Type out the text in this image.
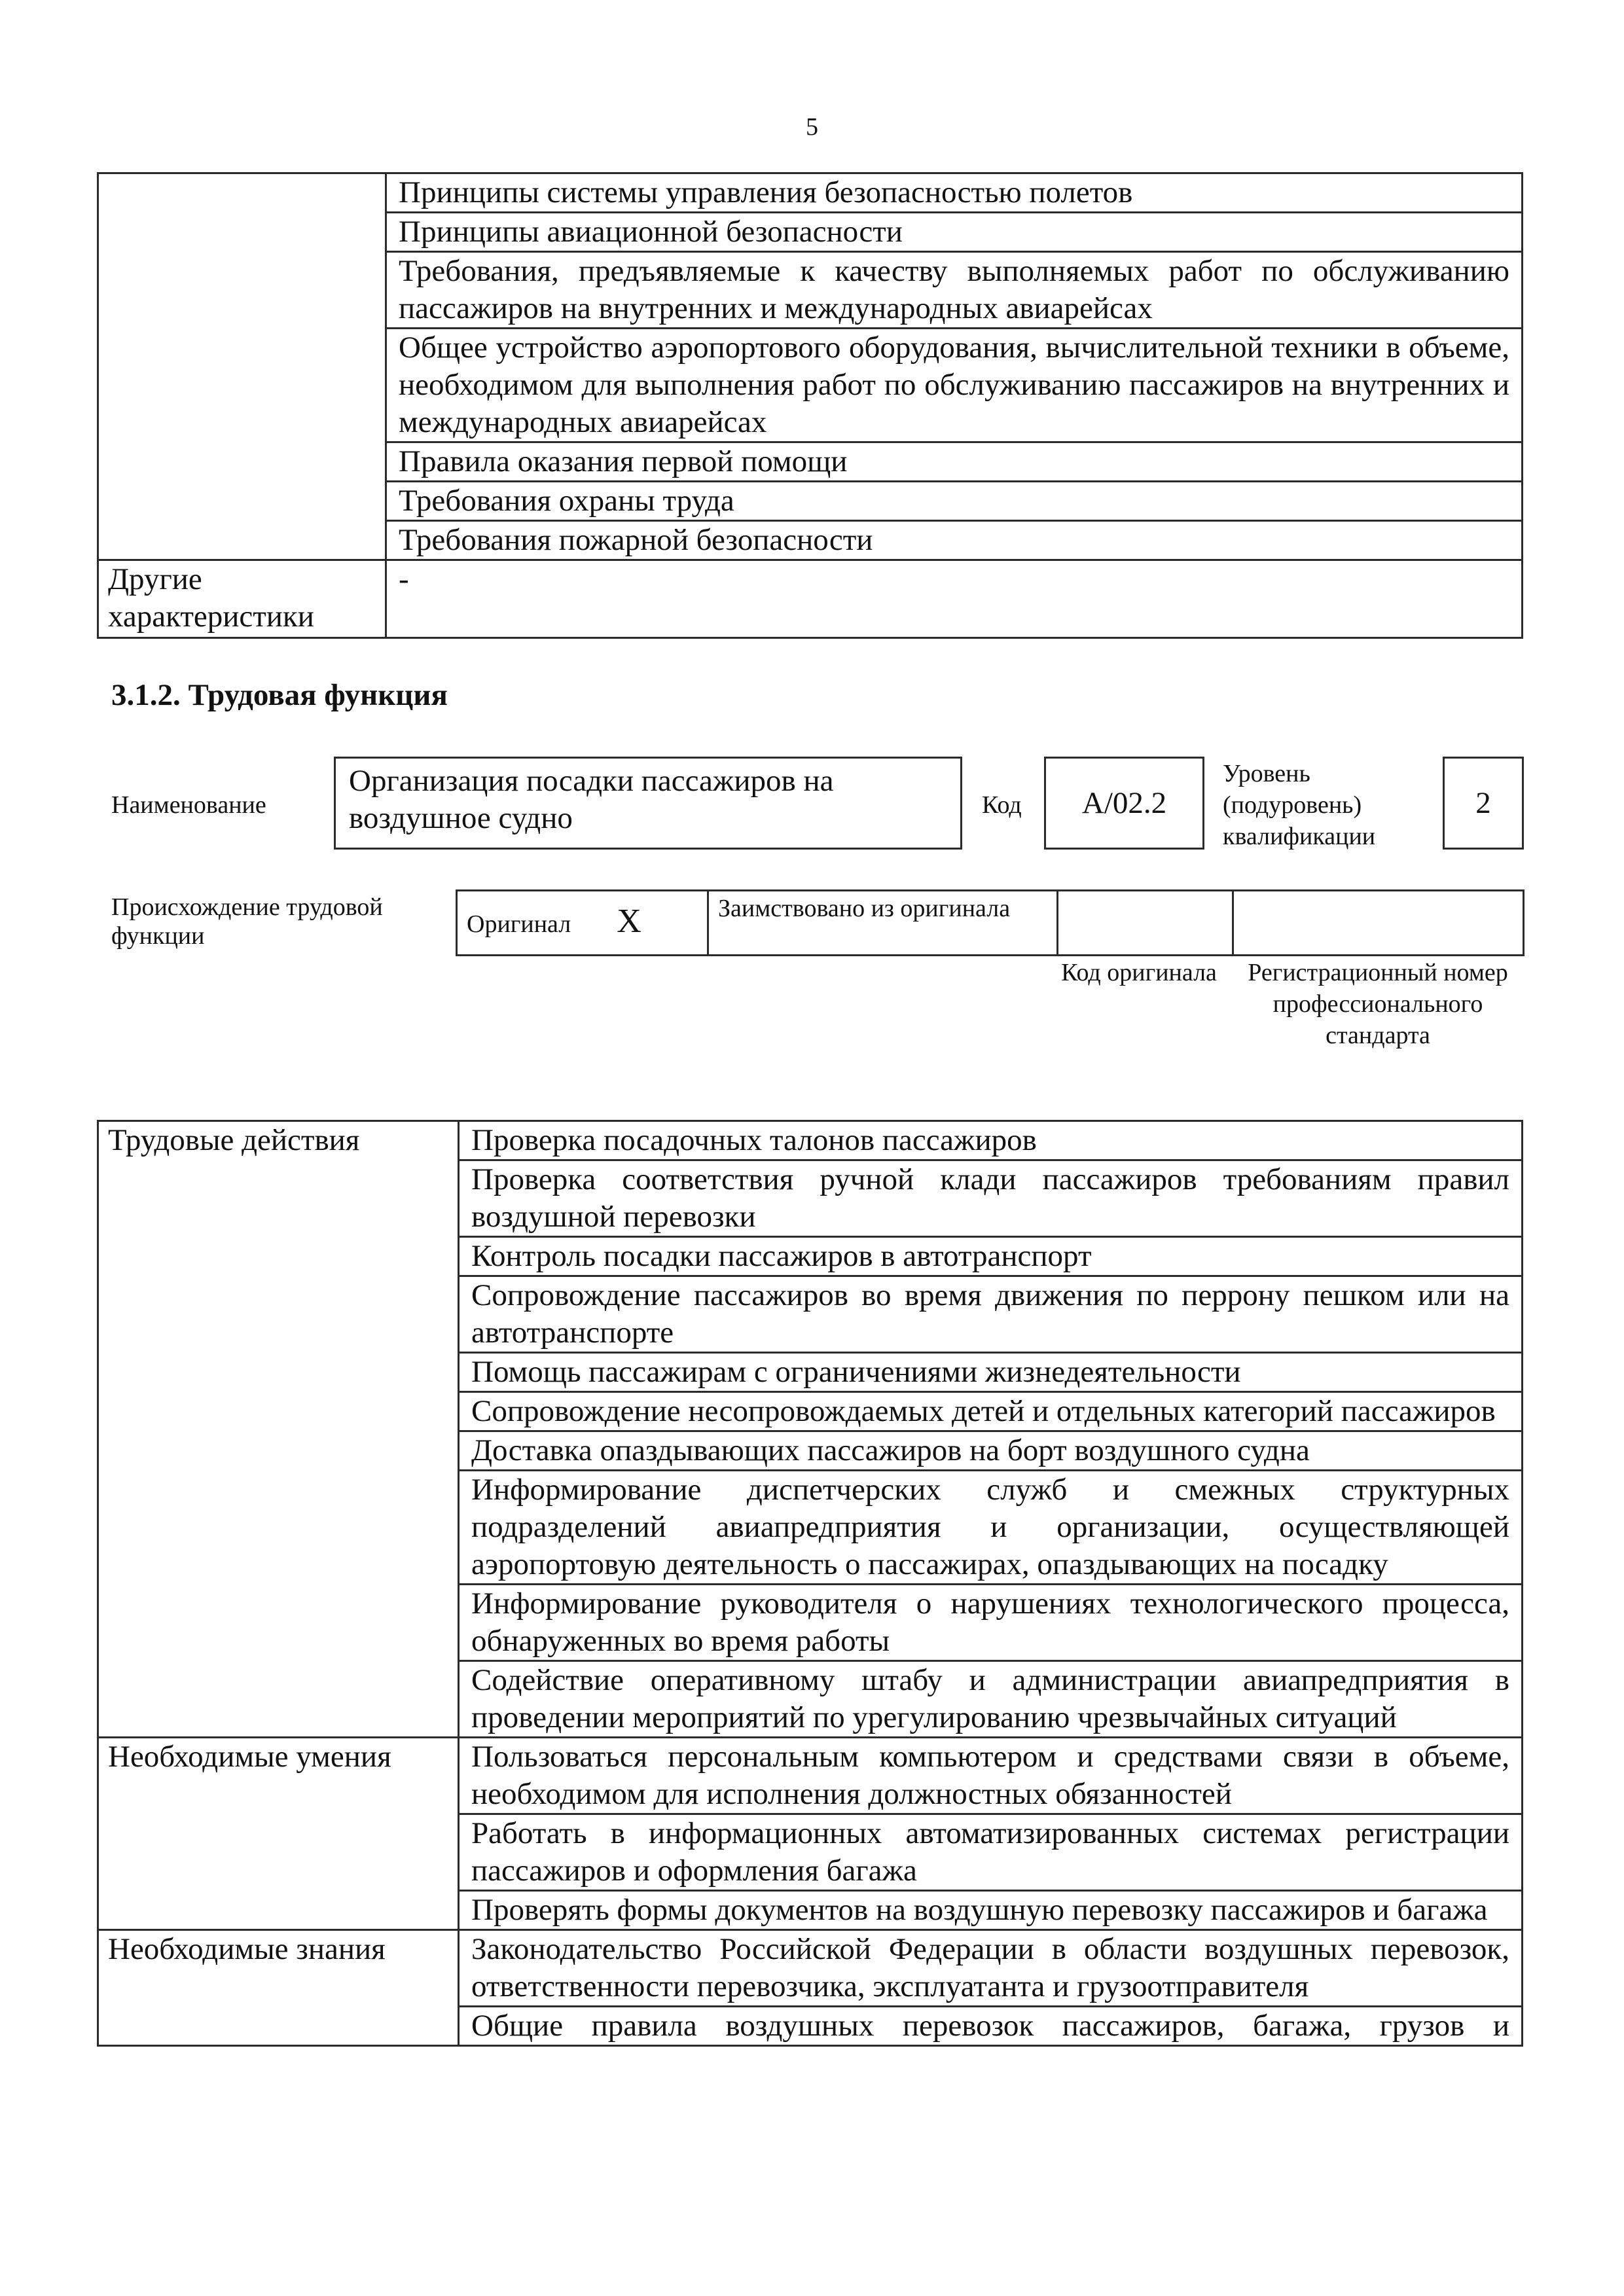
5
	Принципы системы управления безопасностью полетов
	Принципы авиационной безопасности
	Требования, предъявляемые к качеству выполняемых работ по обслуживанию пассажиров на внутренних и международных авиарейсах
	Общее устройство аэропортового оборудования, вычислительной техники в объеме, необходимом для выполнения работ по обслуживанию пассажиров на внутренних и международных авиарейсах
	Правила оказания первой помощи
	Требования охраны труда
	Требования пожарной безопасности
Другие характеристики	-
3.1.2. Трудовая функция
Наименование
Организация посадки пассажиров на воздушное судно	Код	A/02.2
Уровень (подуровень) квалификации
2
Происхождение трудовой функции	Оригинал X	Заимствовано из оригинала		
Код оригинала	Регистрационный номер профессионального стандарта
Трудовые действия	Проверка посадочных талонов пассажиров
	Проверка соответствия ручной клади пассажиров требованиям правил воздушной перевозки
	Контроль посадки пассажиров в автотранспорт
	Сопровождение пассажиров во время движения по перрону пешком или на автотранспорте
	Помощь пассажирам с ограничениями жизнедеятельности
	Сопровождение несопровождаемых детей и отдельных категорий пассажиров
	Доставка опаздывающих пассажиров на борт воздушного судна
	Информирование диспетчерских служб и смежных структурных подразделений авиапредприятия и организации, осуществляющей аэропортовую деятельность о пассажирах, опаздывающих на посадку
	Информирование руководителя о нарушениях технологического процесса, обнаруженных во время работы
	Содействие оперативному штабу и администрации авиапредприятия в проведении мероприятий по урегулированию чрезвычайных ситуаций
Необходимые умения	Пользоваться персональным компьютером и средствами связи в объеме, необходимом для исполнения должностных обязанностей
	Работать в информационных автоматизированных системах регистрации пассажиров и оформления багажа
	Проверять формы документов на воздушную перевозку пассажиров и багажа
Необходимые знания	Законодательство Российской Федерации в области воздушных перевозок, ответственности перевозчика, эксплуатанта и грузоотправителя
	Общие правила воздушных перевозок пассажиров, багажа, грузов и
